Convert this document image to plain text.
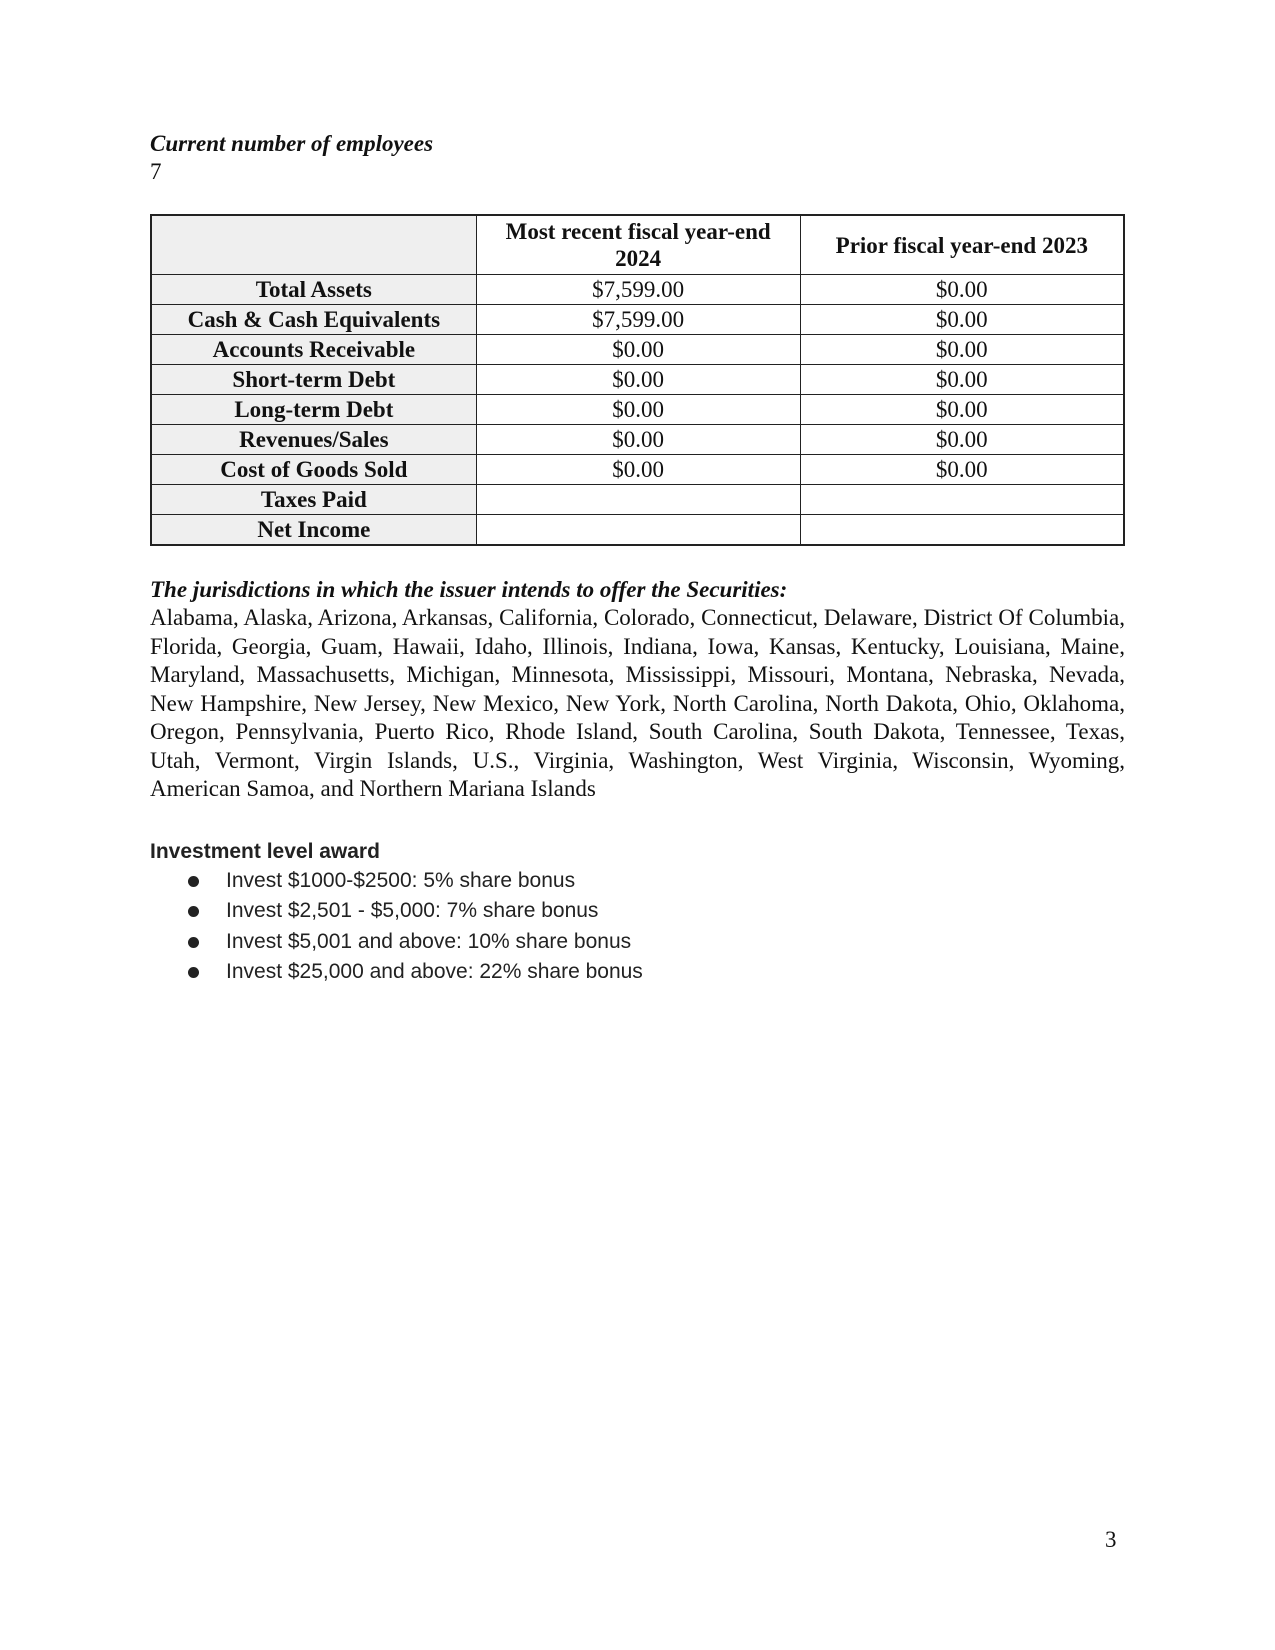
Current number of employees
7
	Most recent fiscal year-end 2024	Prior fiscal year-end 2023
Total Assets	$7,599.00	$0.00
Cash & Cash Equivalents	$7,599.00	$0.00
Accounts Receivable	$0.00	$0.00
Short-term Debt	$0.00	$0.00
Long-term Debt	$0.00	$0.00
Revenues/Sales	$0.00	$0.00
Cost of Goods Sold	$0.00	$0.00
Taxes Paid		
Net Income		
The jurisdictions in which the issuer intends to offer the Securities:

Alabama, Alaska, Arizona, Arkansas, California, Colorado, Connecticut, Delaware, District Of Columbia, Florida, Georgia, Guam, Hawaii, Idaho, Illinois, Indiana, Iowa, Kansas, Kentucky, Louisiana, Maine, Maryland, Massachusetts, Michigan, Minnesota, Mississippi, Missouri, Montana, Nebraska, Nevada, New Hampshire, New Jersey, New Mexico, New York, North Carolina, North Dakota, Ohio, Oklahoma, Oregon, Pennsylvania, Puerto Rico, Rhode Island, South Carolina, South Dakota, Tennessee, Texas, Utah, Vermont, Virgin Islands, U.S., Virginia, Washington, West Virginia, Wisconsin, Wyoming, American Samoa, and Northern Mariana Islands

Investment level award
Invest $1000-$2500: 5% share bonus
Invest $2,501 - $5,000: 7% share bonus
Invest $5,001 and above: 10% share bonus
Invest $25,000 and above: 22% share bonus
3
